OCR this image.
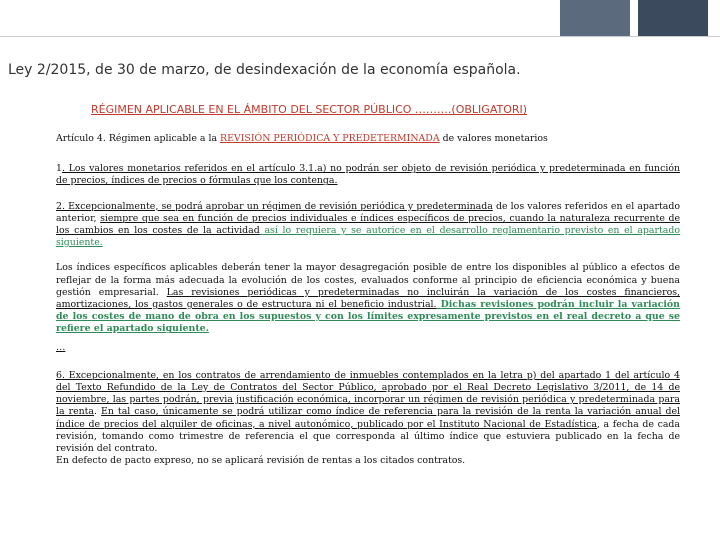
Ley 2/2015, de 30 de marzo, de desindexación de la economía española.
RÉGIMEN APLICABLE EN EL ÁMBITO DEL SECTOR PÚBLICO ……….(OBLIGATORI)

Artículo 4. Régimen aplicable a la REVISIÓN PERIÓDICA Y PREDETERMINADA de valores monetarios

1. Los valores monetarios referidos en el artículo 3.1.a) no podrán ser objeto de revisión periódica y predeterminada en función de precios, índices de precios o fórmulas que los contenga.

2. Excepcionalmente, se podrá aprobar un régimen de revisión periódica y predeterminada de los valores referidos en el apartado anterior, siempre que sea en función de precios individuales e índices específicos de precios, cuando la naturaleza recurrente de los cambios en los costes de la actividad así lo requiera y se autorice en el desarrollo reglamentario previsto en el apartado siguiente.

Los índices específicos aplicables deberán tener la mayor desagregación posible de entre los disponibles al público a efectos de reflejar de la forma más adecuada la evolución de los costes, evaluados conforme al principio de eficiencia económica y buena gestión empresarial. Las revisiones periódicas y predeterminadas no incluirán la variación de los costes financieros, amortizaciones, los gastos generales o de estructura ni el beneficio industrial. Dichas revisiones podrán incluir la variación de los costes de mano de obra en los supuestos y con los límites expresamente previstos en el real decreto a que se refiere el apartado siguiente.

…

6. Excepcionalmente, en los contratos de arrendamiento de inmuebles contemplados en la letra p) del apartado 1 del artículo 4 del Texto Refundido de la Ley de Contratos del Sector Público, aprobado por el Real Decreto Legislativo 3/2011, de 14 de noviembre, las partes podrán, previa justificación económica, incorporar un régimen de revisión periódica y predeterminada para la renta. En tal caso, únicamente se podrá utilizar como índice de referencia para la revisión de la renta la variación anual del índice de precios del alquiler de oficinas, a nivel autonómico, publicado por el Instituto Nacional de Estadística, a fecha de cada revisión, tomando como trimestre de referencia el que corresponda al último índice que estuviera publicado en la fecha de revisión del contrato.
En defecto de pacto expreso, no se aplicará revisión de rentas a los citados contratos.
